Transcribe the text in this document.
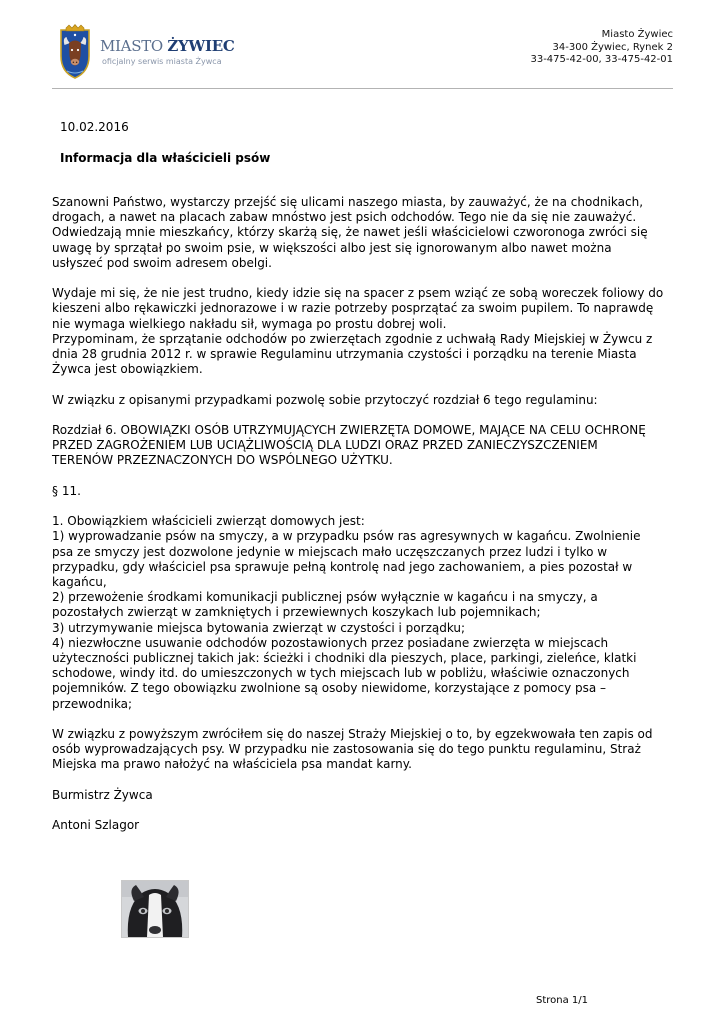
MIASTO ŻYWIEC
oficjalny serwis miasta Żywca
Miasto Żywiec
34-300 Żywiec, Rynek 2
33-475-42-00, 33-475-42-01
10.02.2016
Informacja dla właścicieli psów

Szanowni Państwo, wystarczy przejść się ulicami naszego miasta, by zauważyć, że na chodnikach,
drogach, a nawet na placach zabaw mnóstwo jest psich odchodów. Tego nie da się nie zauważyć.
Odwiedzają mnie mieszkańcy, którzy skarżą się, że nawet jeśli właścicielowi czworonoga zwróci się
uwagę by sprzątał po swoim psie, w większości albo jest się ignorowanym albo nawet można
usłyszeć pod swoim adresem obelgi.

Wydaje mi się, że nie jest trudno, kiedy idzie się na spacer z psem wziąć ze sobą woreczek foliowy do
kieszeni albo rękawiczki jednorazowe i w razie potrzeby posprzątać za swoim pupilem. To naprawdę
nie wymaga wielkiego nakładu sił, wymaga po prostu dobrej woli.
Przypominam, że sprzątanie odchodów po zwierzętach zgodnie z uchwałą Rady Miejskiej w Żywcu z
dnia 28 grudnia 2012 r. w sprawie Regulaminu utrzymania czystości i porządku na terenie Miasta
Żywca jest obowiązkiem.

W związku z opisanymi przypadkami pozwolę sobie przytoczyć rozdział 6 tego regulaminu:

Rozdział 6. OBOWIĄZKI OSÓB UTRZYMUJĄCYCH ZWIERZĘTA DOMOWE, MAJĄCE NA CELU OCHRONĘ
PRZED ZAGROŻENIEM LUB UCIĄŻLIWOŚCIĄ DLA LUDZI ORAZ PRZED ZANIECZYSZCZENIEM
TERENÓW PRZEZNACZONYCH DO WSPÓLNEGO UŻYTKU.

§ 11.

1. Obowiązkiem właścicieli zwierząt domowych jest:
1) wyprowadzanie psów na smyczy, a w przypadku psów ras agresywnych w kagańcu. Zwolnienie
psa ze smyczy jest dozwolone jedynie w miejscach mało uczęszczanych przez ludzi i tylko w
przypadku, gdy właściciel psa sprawuje pełną kontrolę nad jego zachowaniem, a pies pozostał w
kagańcu,
2) przewożenie środkami komunikacji publicznej psów wyłącznie w kagańcu i na smyczy, a
pozostałych zwierząt w zamkniętych i przewiewnych koszykach lub pojemnikach;
3) utrzymywanie miejsca bytowania zwierząt w czystości i porządku;
4) niezwłoczne usuwanie odchodów pozostawionych przez posiadane zwierzęta w miejscach
użyteczności publicznej takich jak: ścieżki i chodniki dla pieszych, place, parkingi, zieleńce, klatki
schodowe, windy itd. do umieszczonych w tych miejscach lub w pobliżu, właściwie oznaczonych
pojemników. Z tego obowiązku zwolnione są osoby niewidome, korzystające z pomocy psa –
przewodnika;

W związku z powyższym zwróciłem się do naszej Straży Miejskiej o to, by egzekwowała ten zapis od
osób wyprowadzających psy. W przypadku nie zastosowania się do tego punktu regulaminu, Straż
Miejska ma prawo nałożyć na właściciela psa mandat karny.

Burmistrz Żywca

Antoni Szlagor

Strona 1/1
